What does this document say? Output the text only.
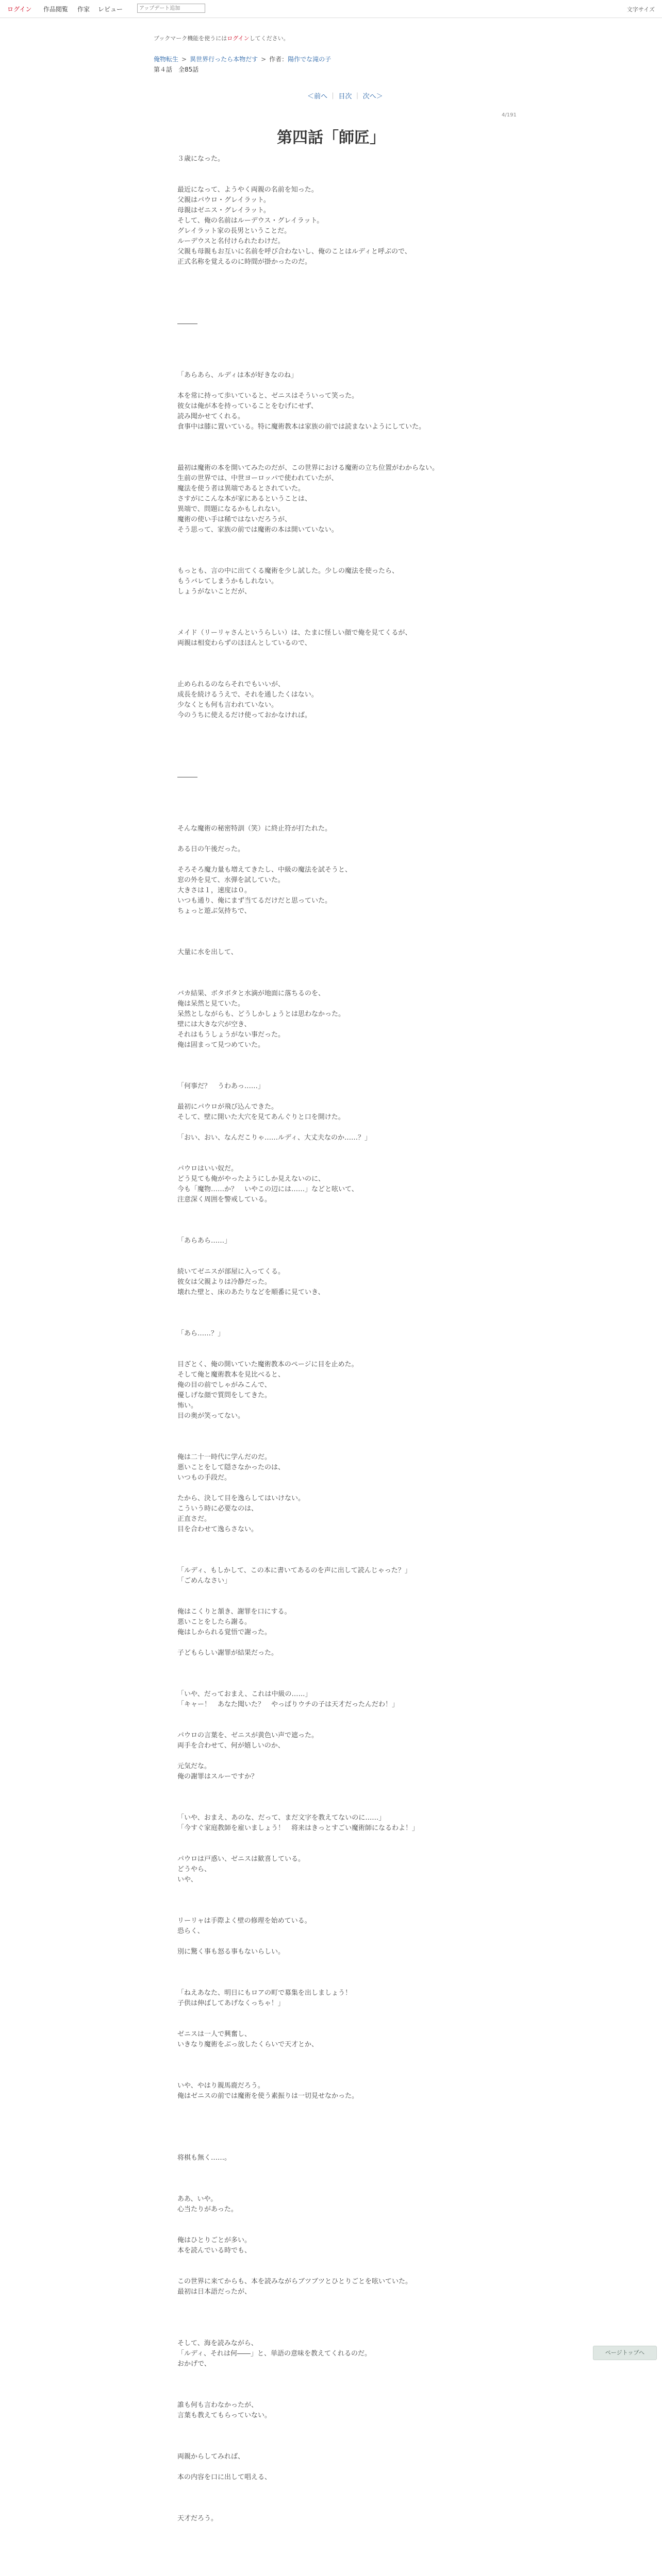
ログイン 作品閲覧 作家 レビュー
アップデート追加	文字サイズ
ブックマーク機能を使うにはログインしてください。
俺物転生 > 異世界行ったら本物だす > 作者：陽作でな滝の子
第４話　全85話
＜前へ ｜ 目次 ｜ 次へ＞
4/191
第四話「師匠」

３歳になった。

最近になって、ようやく両親の名前を知った。

父親はパウロ・グレイラット。

母親はゼニス・グレイラット。

そして、俺の名前はルーデウス・グレイラット。

グレイラット家の長男ということだ。

ルーデウスと名付けられたわけだ。

父親も母親もお互いに名前を呼び合わないし、俺のことはルディと呼ぶので、

正式名称を覚えるのに時間が掛かったのだ。

―――

「あらあら、ルディは本が好きなのね」

本を常に持って歩いていると、ゼニスはそういって笑った。

彼女は俺が本を持っていることをむげにせず、

読み聞かせてくれる。

食事中は膝に置いている。特に魔術教本は家族の前では読まないようにしていた。

最初は魔術の本を開いてみたのだが、この世界における魔術の立ち位置がわからない。

生前の世界では、中世ヨーロッパで使われていたが、

魔法を使う者は異端であるとされていた。

さすがにこんな本が家にあるということは、

異端で、問題になるかもしれない。

魔術の使い手は稀ではないだろうが、

そう思って、家族の前では魔術の本は開いていない。

もっとも、言の中に出てくる魔術を少し試した。少しの魔法を使ったら、

もうバレてしまうかもしれない。

しょうがないことだが、

メイド（リーリャさんというらしい）は、たまに怪しい顔で俺を見てくるが、

両親は相変わらずのほほんとしているので、

止められるのならそれでもいいが、

成長を続けるうえで、それを通したくはない。

少なくとも何も言われていない。

今のうちに使えるだけ使っておかなければ。

―――

そんな魔術の秘密特訓（笑）に終止符が打たれた。

ある日の午後だった。

そろそろ魔力量も増えてきたし、中級の魔法を試そうと、

窓の外を見て、水弾を試していた。

大きさは１，速度は０。

いつも通り、俺にまず当てるだけだと思っていた。

ちょっと遊ぶ気持ちで、

大量に水を出して、

バカ結果、ボタボタと水滴が地面に落ちるのを、

俺は呆然と見ていた。

呆然としながらも、どうしかしょうとは思わなかった。

壁には大きな穴が空き、

それはもうしょうがない事だった。

俺は固まって見つめていた。

「何事だ？　うわあっ……」

最初にパウロが飛び込んできた。

そして、壁に開いた大穴を見てあんぐりと口を開けた。

「おい、おい、なんだこりゃ……ルディ、大丈夫なのか……？」

パウロはいい奴だ。

どう見ても俺がやったようにしか見えないのに、

今も「魔物……か？　いやこの辺には……」などと呟いて、

注意深く周囲を警戒している。

「あらあら……」

続いてゼニスが部屋に入ってくる。

彼女は父親よりは冷静だった。

壊れた壁と、床のあたりなどを順番に見ていき、

「あら……？」

目ざとく、俺の開いていた魔術教本のページに目を止めた。

そして俺と魔術教本を見比べると、

俺の目の前でしゃがみこんで、

優しげな顔で質問をしてきた。

怖い。

目の奥が笑ってない。

俺は二十一時代に学んだのだ。

悪いことをして隠さなかったのは、

いつもの手段だ。

たから、決して目を逸らしてはいけない。

こういう時に必要なのは、

正直さだ。

目を合わせて逸らさない。

「ルディ、もしかして、この本に書いてあるのを声に出して読んじゃった？」

「ごめんなさい」

俺はこくりと頷き、謝罪を口にする。

悪いことをしたら謝る。

俺はしかられる覚悟で謝った。

子どもらしい謝罪が結果だった。

「いや、だっておまえ、これは中級の……」

「キャー！　あなた聞いた？　やっぱりウチの子は天才だったんだわ！」

パウロの言葉を、ゼニスが黄色い声で遮った。

両手を合わせて、何が嬉しいのか、

元気だな。

俺の謝罪はスルーですか？

「いや、おまえ、あのな、だって、まだ文字を教えてないのに……」

「今すぐ家庭教師を雇いましょう！　将来はきっとすごい魔術師になるわよ！」

パウロは戸惑い、ゼニスは歓喜している。

どうやら、

いや、

リーリャは手際よく壁の修理を始めている。

恐らく、

別に驚く事も怒る事もないらしい。

「ねえあなた、明日にもロアの町で募集を出しましょう！

子供は伸ばしてあげなくっちゃ！」

ゼニスは一人で興奮し、

いきなり魔術をぶっ放したくらいで天才とか、

いや、やはり親馬鹿だろう。

俺はゼニスの前では魔術を使う素振りは一切見せなかった。

将棋も無く……。

ああ、いや。

心当たりがあった。

俺はひとりごとが多い。

本を読んでいる時でも、

この世界に来てからも、本を読みながらブツブツとひとりごとを呟いていた。

最初は日本語だったが、

そして、海を読みながら、

「ルディ、それは何――」と、単語の意味を教えてくれるのだ。

おかげで、

誰も何も言わなかったが、

言葉も教えてもらっていない。

両親からしてみれば、

本の内容を口に出して唱える、

天才だろう。

ページトップへ
